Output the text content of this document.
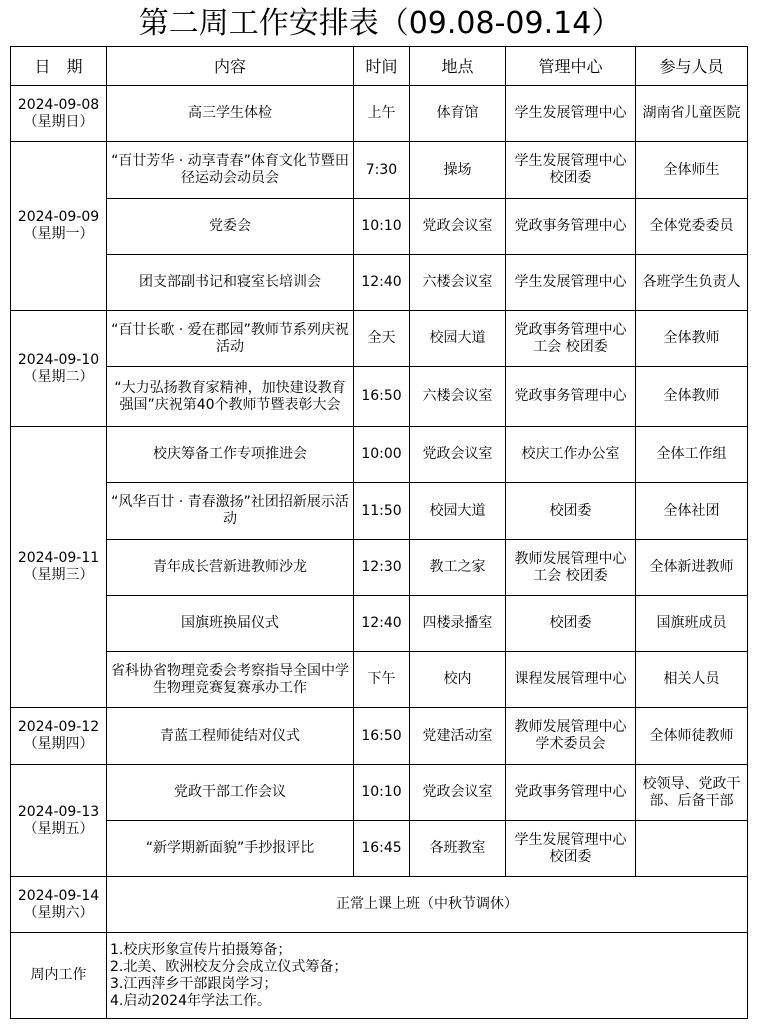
第二周工作安排表（09.08-09.14）
日　期	内容	时间	地点	管理中心	参与人员

2024-09-08
（星期日）	高三学生体检	上午	体育馆	学生发展管理中心	湖南省儿童医院

2024-09-09
（星期一）	“百廿芳华 · 动享青春”体育文化节暨田径运动会动员会	7:30	操场	学生发展管理中心校团委	全体师生
	党委会	10:10	党政会议室	党政事务管理中心	全体党委委员
	团支部副书记和寝室长培训会	12:40	六楼会议室	学生发展管理中心	各班学生负责人

2024-09-10
（星期二）	“百廿长歌 · 爱在郡园”教师节系列庆祝活动	全天	校园大道	党政事务管理中心工会 校团委	全体教师
	“大力弘扬教育家精神，加快建设教育强国”庆祝第40个教师节暨表彰大会	16:50	六楼会议室	党政事务管理中心	全体教师

2024-09-11
（星期三）	校庆筹备工作专项推进会	10:00	党政会议室	校庆工作办公室	全体工作组
	“风华百廿 · 青春激扬”社团招新展示活动	11:50	校园大道	校团委	全体社团
	青年成长营新进教师沙龙	12:30	教工之家	教师发展管理中心工会 校团委	全体新进教师
	国旗班换届仪式	12:40	四楼录播室	校团委	国旗班成员
	省科协省物理竞委会考察指导全国中学生物理竞赛复赛承办工作	下午	校内	课程发展管理中心	相关人员

2024-09-12
（星期四）	青蓝工程师徒结对仪式	16:50	党建活动室	教师发展管理中心学术委员会	全体师徒教师

2024-09-13
（星期五）	党政干部工作会议	10:10	党政会议室	党政事务管理中心	校领导、党政干部、后备干部
	“新学期新面貌”手抄报评比	16:45	各班教室	学生发展管理中心校团委	

2024-09-14
（星期六）	正常上课上班（中秋节调休）				
周内工作	1.校庆形象宣传片拍摄筹备；
2.北美、欧洲校友分会成立仪式筹备；
3.江西萍乡干部跟岗学习；
4.启动2024年学法工作。				
